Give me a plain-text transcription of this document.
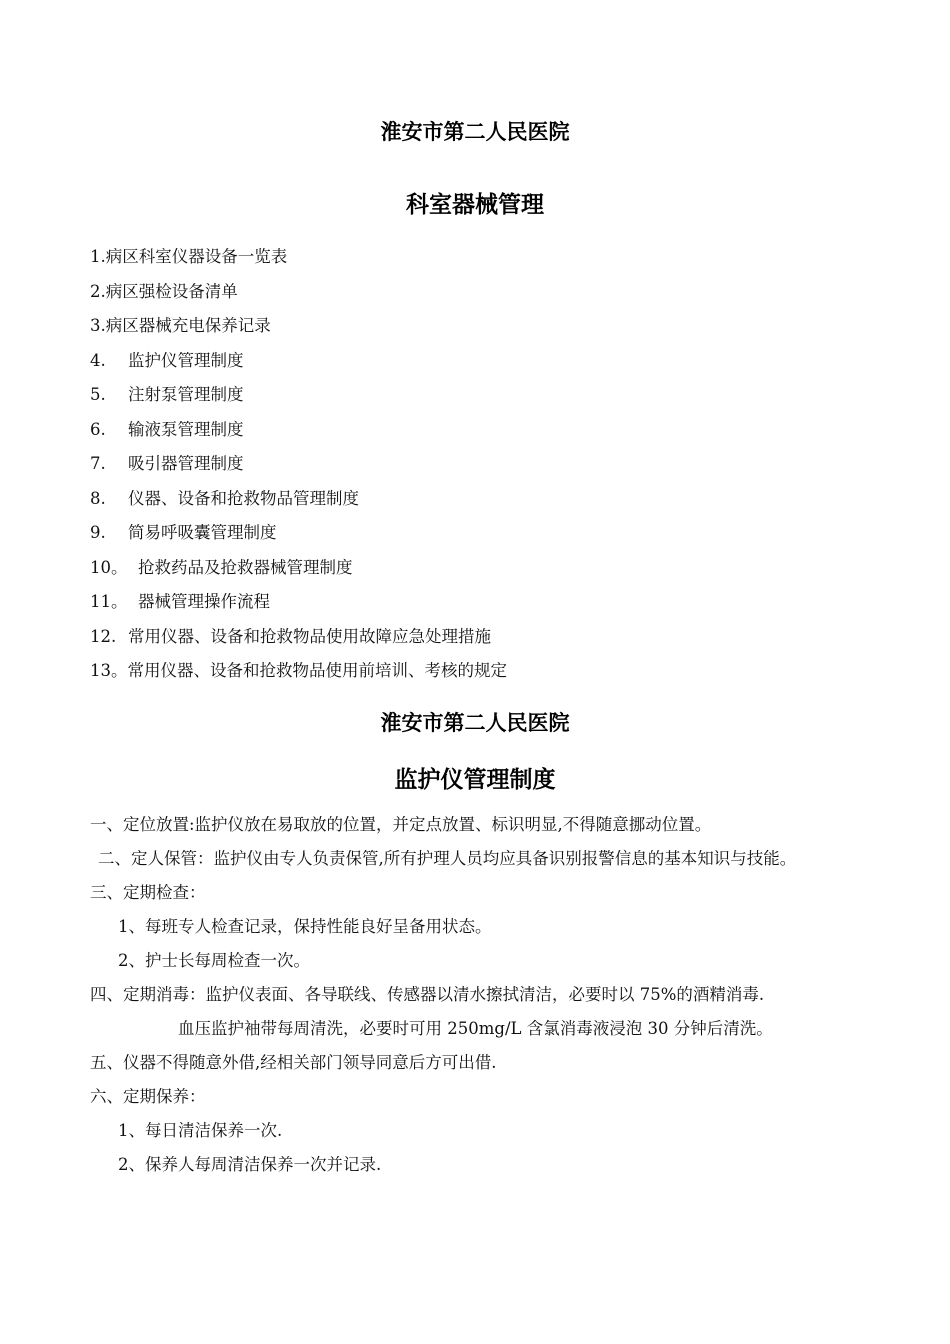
淮安市第二人民医院
科室器械管理
1.病区科室仪器设备一览表
2.病区强检设备清单
3.病区器械充电保养记录
4.监护仪管理制度
5.注射泵管理制度
6.输液泵管理制度
7.吸引器管理制度
8.仪器、设备和抢救物品管理制度
9.简易呼吸囊管理制度
10。抢救药品及抢救器械管理制度
11。器械管理操作流程
12.常用仪器、设备和抢救物品使用故障应急处理措施
13。常用仪器、设备和抢救物品使用前培训、考核的规定
淮安市第二人民医院
监护仪管理制度
一、定位放置:监护仪放在易取放的位置，并定点放置、标识明显,不得随意挪动位置。
二、定人保管：监护仪由专人负责保管,所有护理人员均应具备识别报警信息的基本知识与技能。
三、定期检查：
1、每班专人检查记录，保持性能良好呈备用状态。
2、护士长每周检查一次。
四、定期消毒：监护仪表面、各导联线、传感器以清水擦拭清洁，必要时以 75%的酒精消毒.
血压监护袖带每周清洗，必要时可用 250mg/L 含氯消毒液浸泡 30 分钟后清洗。
五、仪器不得随意外借,经相关部门领导同意后方可出借.
六、定期保养：
1、每日清洁保养一次.
2、保养人每周清洁保养一次并记录.
